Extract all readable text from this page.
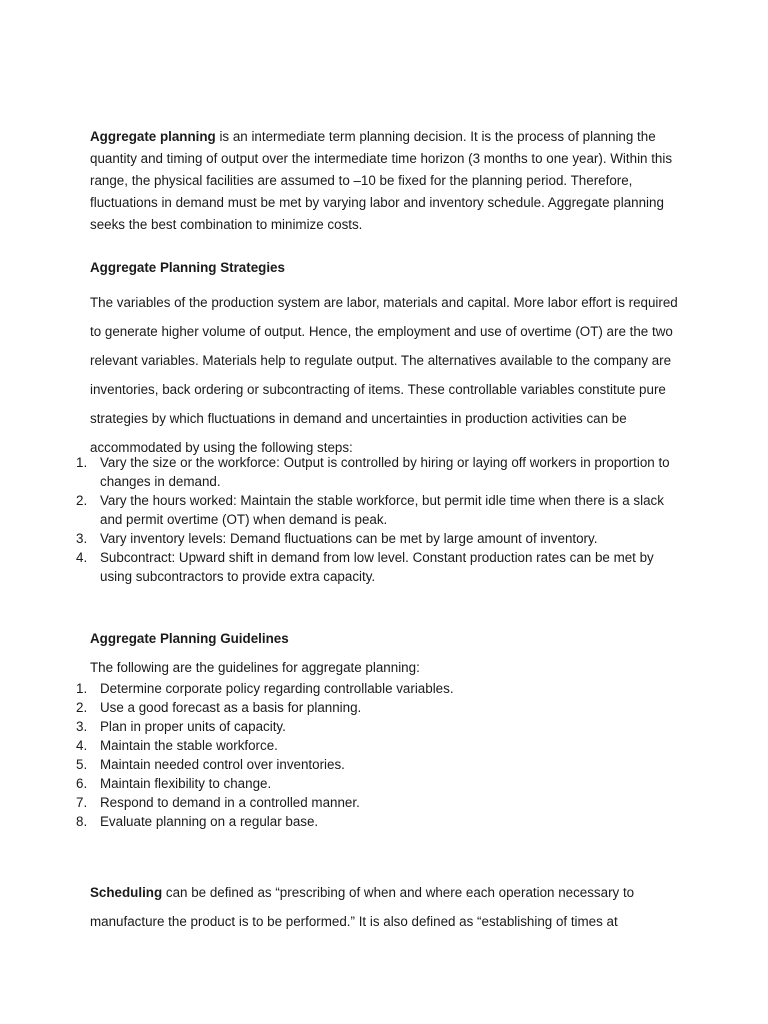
Aggregate planning is an intermediate term planning decision. It is the process of planning the quantity and timing of output over the intermediate time horizon (3 months to one year). Within this range, the physical facilities are assumed to –10 be fixed for the planning period. Therefore, fluctuations in demand must be met by varying labor and inventory schedule. Aggregate planning seeks the best combination to minimize costs.

Aggregate Planning Strategies

The variables of the production system are labor, materials and capital. More labor effort is required to generate higher volume of output. Hence, the employment and use of overtime (OT) are the two relevant variables. Materials help to regulate output. The alternatives available to the company are inventories, back ordering or subcontracting of items. These controllable variables constitute pure strategies by which fluctuations in demand and uncertainties in production activities can be accommodated by using the following steps:

1. Vary the size or the workforce: Output is controlled by hiring or laying off workers in proportion to changes in demand.
2. Vary the hours worked: Maintain the stable workforce, but permit idle time when there is a slack and permit overtime (OT) when demand is peak.
3. Vary inventory levels: Demand fluctuations can be met by large amount of inventory.
4. Subcontract: Upward shift in demand from low level. Constant production rates can be met by using subcontractors to provide extra capacity.

Aggregate Planning Guidelines

The following are the guidelines for aggregate planning:

1. Determine corporate policy regarding controllable variables.
2. Use a good forecast as a basis for planning.
3. Plan in proper units of capacity.
4. Maintain the stable workforce.
5. Maintain needed control over inventories.
6. Maintain flexibility to change.
7. Respond to demand in a controlled manner.
8. Evaluate planning on a regular base.

Scheduling can be defined as “prescribing of when and where each operation necessary to manufacture the product is to be performed.” It is also defined as “establishing of times at
